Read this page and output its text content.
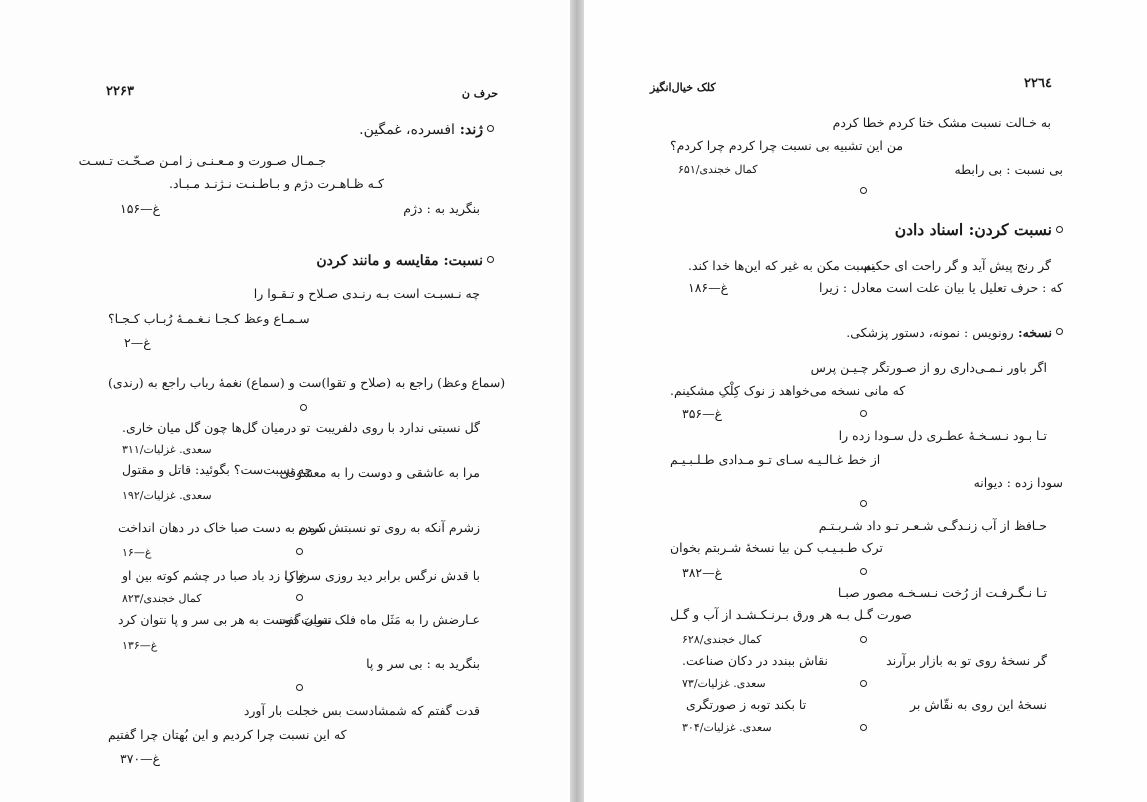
۲۲۶۳	حرف ن
ژند: افسرده، غمگین.
جـمـال صـورت و مـعـنـی ز امـن صـحّـت تـسـت
کـه ظـاهـرت دژم و بـاطـنـت نـژنـد مـبـاد.
بنگرید به : دژم
غ—۱۵۶
نسبت: مقایسه و مانند کردن
چه نـسبـت است بـه رنـدی صـلاح و تـقـوا را
سـمـاع وعظ کـجـا نـغـمـهٔ رُبـاب کـجـا؟
غ—۲
(سماع وعظ) راجع به (صلاح و تقوا)ست و (سماع) نغمهٔ رباب راجع به (رندی)
گل نسبتی ندارد با روی دلفریبت
تو درمیان گل‌ها چون گل میان خاری.
سعدی. غزلیات/۳۱۱
مرا به عاشقی و دوست را به معشوقی
چه نسبت‌ست؟ بگوئید: قاتل و مقتول
سعدی. غزلیات/۱۹۲
زشرم آنکه به روی تو نسبتش کردم
سمن به دست صبا خاک در دهان انداخت
غ—۱۶
با قدش نرگس برابر دید روزی سرو را
خاک زد باد صبا در چشم کوته بین او
کمال خجندی/۸۲۳
عـارضش را به مَثَل ماه فلک نتوان گفت
نسبت دوست به هر بی سر و پا نتوان کرد
غ—۱۳۶
بنگرید به : بی سر و پا
قدت گفتم که شمشادست بس خجلت بار آورد
که این نسبت چرا کردیم و این بُهتان چرا گفتیم
غ—۳۷۰
۲۲٦٤
کلک خیال‌انگیز
به خـالت نسبت مشک ختا کردم خطا کردم
من این تشبیه بی نسبت چرا کردم چرا کردم؟
بی نسبت : بی رابطه
کمال خجندی/۶۵۱
نسبت کردن: اسناد دادن
گر رنج پیش آید و گر راحت ای حکیم
نسبت مکن به غیر که این‌ها خدا کند.
که : حرف تعلیل یا بیان علت است معادل : زیرا
غ—۱۸۶
نسخه: رونویس : نمونه، دستور پزشکی.
اگر باور نـمـی‌داری رو از صـورتگر چـیـن پرس
که مانی نسخه می‌خواهد ز نوک کِلْکِ مشکینم.
غ—۳۵۶
تـا بـود نـسـخـهٔ عطـری دل سـودا زده را
از خط غـالـیـه سـای تـو مـدادی طـلـبـیـم
سودا زده : دیوانه
حـافظ از آب زنـدگـی شـعـر تـو داد شـربـتـم
ترک طـبـیـب کـن بیا نسخهٔ شـربتم بخوان
غ—۳۸۲
تـا نـگـرفـت از رُخت نـسـخـه مصور صبـا
صورت گـل بـه هر ورق بـرنـکـشـد از آب و گـل
کمال خجندی/۶۲۸
گر نسخهٔ روی تو به بازار برآرند
نقاش ببندد در دکان صناعت.
سعدی. غزلیات/۷۳
نسخهٔ این روی به نقّاش بر
تا بکند توبه ز صورتگری
سعدی. غزلیات/۳۰۴
